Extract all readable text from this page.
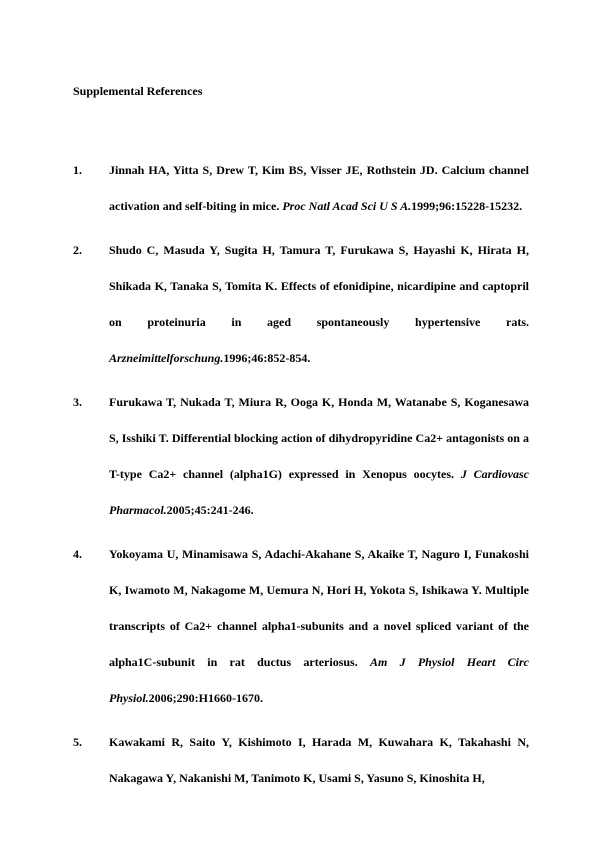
Supplemental References
1. Jinnah HA, Yitta S, Drew T, Kim BS, Visser JE, Rothstein JD. Calcium channel activation and self-biting in mice. Proc Natl Acad Sci U S A.1999;96:15228-15232.
2. Shudo C, Masuda Y, Sugita H, Tamura T, Furukawa S, Hayashi K, Hirata H, Shikada K, Tanaka S, Tomita K. Effects of efonidipine, nicardipine and captopril on proteinuria in aged spontaneously hypertensive rats. Arzneimittelforschung.1996;46:852-854.
3. Furukawa T, Nukada T, Miura R, Ooga K, Honda M, Watanabe S, Koganesawa S, Isshiki T. Differential blocking action of dihydropyridine Ca2+ antagonists on a T-type Ca2+ channel (alpha1G) expressed in Xenopus oocytes. J Cardiovasc Pharmacol.2005;45:241-246.
4. Yokoyama U, Minamisawa S, Adachi-Akahane S, Akaike T, Naguro I, Funakoshi K, Iwamoto M, Nakagome M, Uemura N, Hori H, Yokota S, Ishikawa Y. Multiple transcripts of Ca2+ channel alpha1-subunits and a novel spliced variant of the alpha1C-subunit in rat ductus arteriosus. Am J Physiol Heart Circ Physiol.2006;290:H1660-1670.
5. Kawakami R, Saito Y, Kishimoto I, Harada M, Kuwahara K, Takahashi N, Nakagawa Y, Nakanishi M, Tanimoto K, Usami S, Yasuno S, Kinoshita H,
